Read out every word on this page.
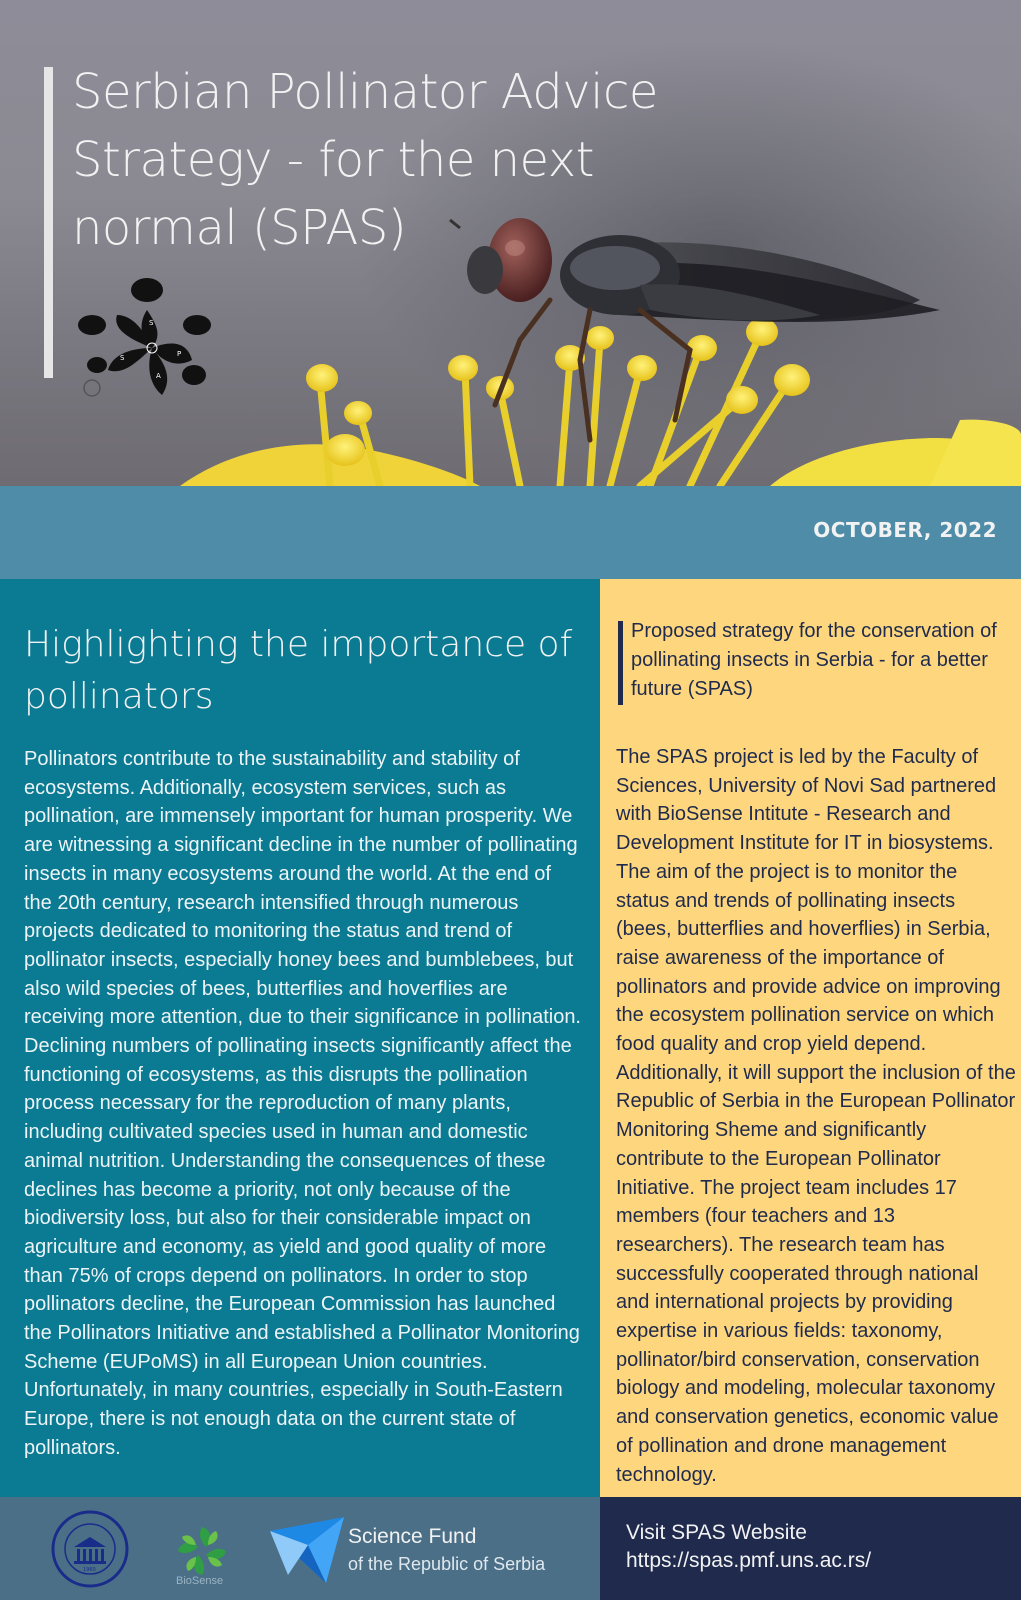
Serbian Pollinator Advice
Strategy - for the next
normal (SPAS)
S
P
A
S
OCTOBER, 2022
Highlighting the importance of pollinators

Pollinators contribute to the sustainability and stability of ecosystems. Additionally, ecosystem services, such as pollination, are immensely important for human prosperity. We are witnessing a significant decline in the number of pollinating insects in many ecosystems around the world. At the end of the 20th century, research intensified through numerous projects dedicated to monitoring the status and trend of pollinator insects, especially honey bees and bumblebees, but also wild species of bees, butterflies and hoverflies are receiving more attention, due to their significance in pollination. Declining numbers of pollinating insects significantly affect the functioning of ecosystems, as this disrupts the pollination process necessary for the reproduction of many plants, including cultivated species used in human and domestic animal nutrition. Understanding the consequences of these declines has become a priority, not only because of the biodiversity loss, but also for their considerable impact on agriculture and economy, as yield and good quality of more than 75% of crops depend on pollinators. In order to stop pollinators decline, the European Commission has launched the Pollinators Initiative and established a Pollinator Monitoring Scheme (EUPoMS) in all European Union countries. Unfortunately, in many countries, especially in South-Eastern Europe, there is not enough data on the current state of pollinators.

Proposed strategy for the conservation of pollinating insects in Serbia - for a better future (SPAS)

The SPAS project is led by the Faculty of Sciences, University of Novi Sad partnered with BioSense Intitute - Research and Development Institute for IT in biosystems. The aim of the project is to monitor the status and trends of pollinating insects (bees, butterflies and hoverflies) in Serbia, raise awareness of the importance of pollinators and provide advice on improving the ecosystem pollination service on which food quality and crop yield depend. Additionally, it will support the inclusion of the Republic of Serbia in the European Pollinator Monitoring Sheme and significantly contribute to the European Pollinator Initiative. The project team includes 17 members (four teachers and 13 researchers). The research team has successfully cooperated through national and international projects by providing expertise in various fields: taxonomy, pollinator/bird conservation, conservation biology and modeling, molecular taxonomy and conservation genetics, economic value of pollination and drone management technology.

1960
BioSense
Science Fund
of the Republic of Serbia
Visit SPAS Website
https://spas.pmf.uns.ac.rs/
